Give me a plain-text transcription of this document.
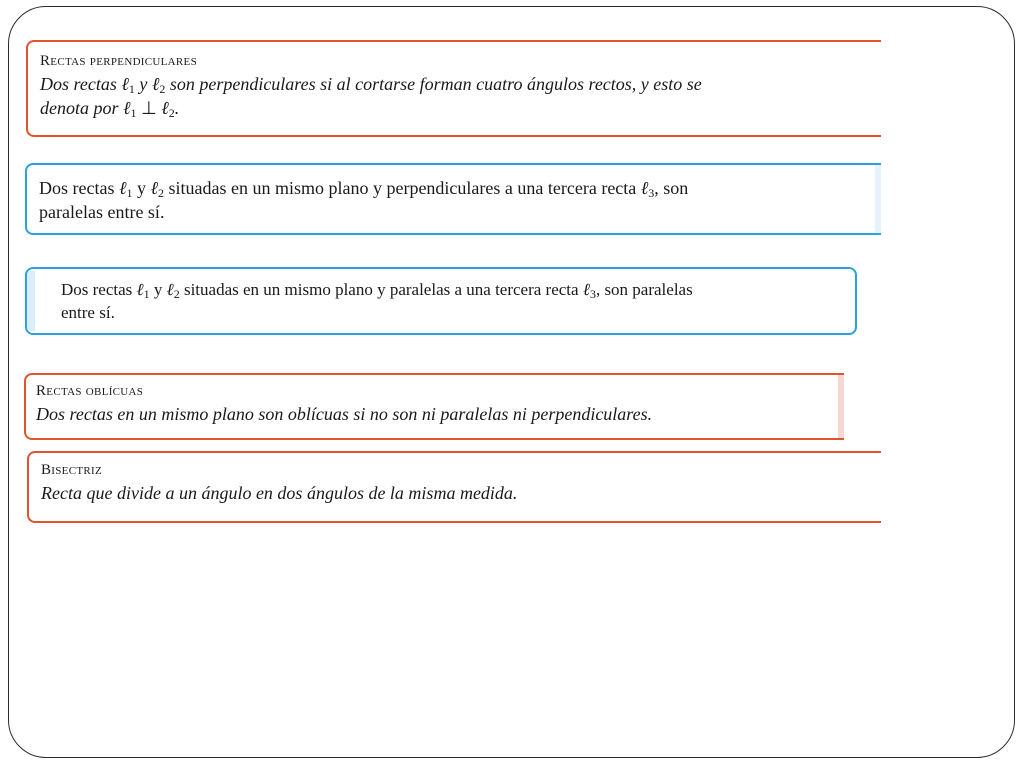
Rectas perpendiculares
Dos rectas ℓ$_1$ y ℓ$_2$ son perpendiculares si al cortarse forman cuatro ángulos rectos, y esto se
denota por ℓ$_1$ ⊥ ℓ$_2$.
Dos rectas ℓ$_1$ y ℓ$_2$ situadas en un mismo plano y perpendiculares a una tercera recta ℓ$_3$, son
paralelas entre sí.
Dos rectas ℓ$_1$ y ℓ$_2$ situadas en un mismo plano y paralelas a una tercera recta ℓ$_3$, son paralelas
entre sí.
Rectas oblícuas
Dos rectas en un mismo plano son oblícuas si no son ni paralelas ni perpendiculares.
Bisectriz
Recta que divide a un ángulo en dos ángulos de la misma medida.
